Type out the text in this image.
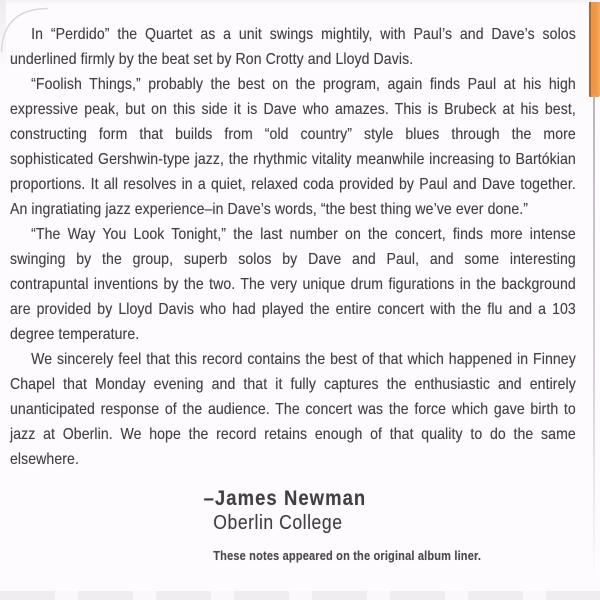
In “Perdido” the Quartet as a unit swings mightily, with Paul’s and Dave’s solos underlined firmly by the beat set by Ron Crotty and Lloyd Davis.

“Foolish Things,” probably the best on the program, again finds Paul at his high expressive peak, but on this side it is Dave who amazes. This is Brubeck at his best, constructing form that builds from “old country” style blues through the more sophisticated Gershwin-type jazz, the rhythmic vitality meanwhile increasing to Bartókian proportions. It all resolves in a quiet, relaxed coda provided by Paul and Dave together. An ingratiating jazz experience–in Dave’s words, “the best thing we’ve ever done.”

“The Way You Look Tonight,” the last number on the concert, finds more intense swinging by the group, superb solos by Dave and Paul, and some interesting contrapuntal inventions by the two. The very unique drum figurations in the background are provided by Lloyd Davis who had played the entire concert with the flu and a 103 degree temperature.

We sincerely feel that this record contains the best of that which happened in Finney Chapel that Monday evening and that it fully captures the enthusiastic and entirely unanticipated response of the audience. The concert was the force which gave birth to jazz at Oberlin. We hope the record retains enough of that quality to do the same elsewhere.

–James Newman
Oberlin College
These notes appeared on the original album liner.
